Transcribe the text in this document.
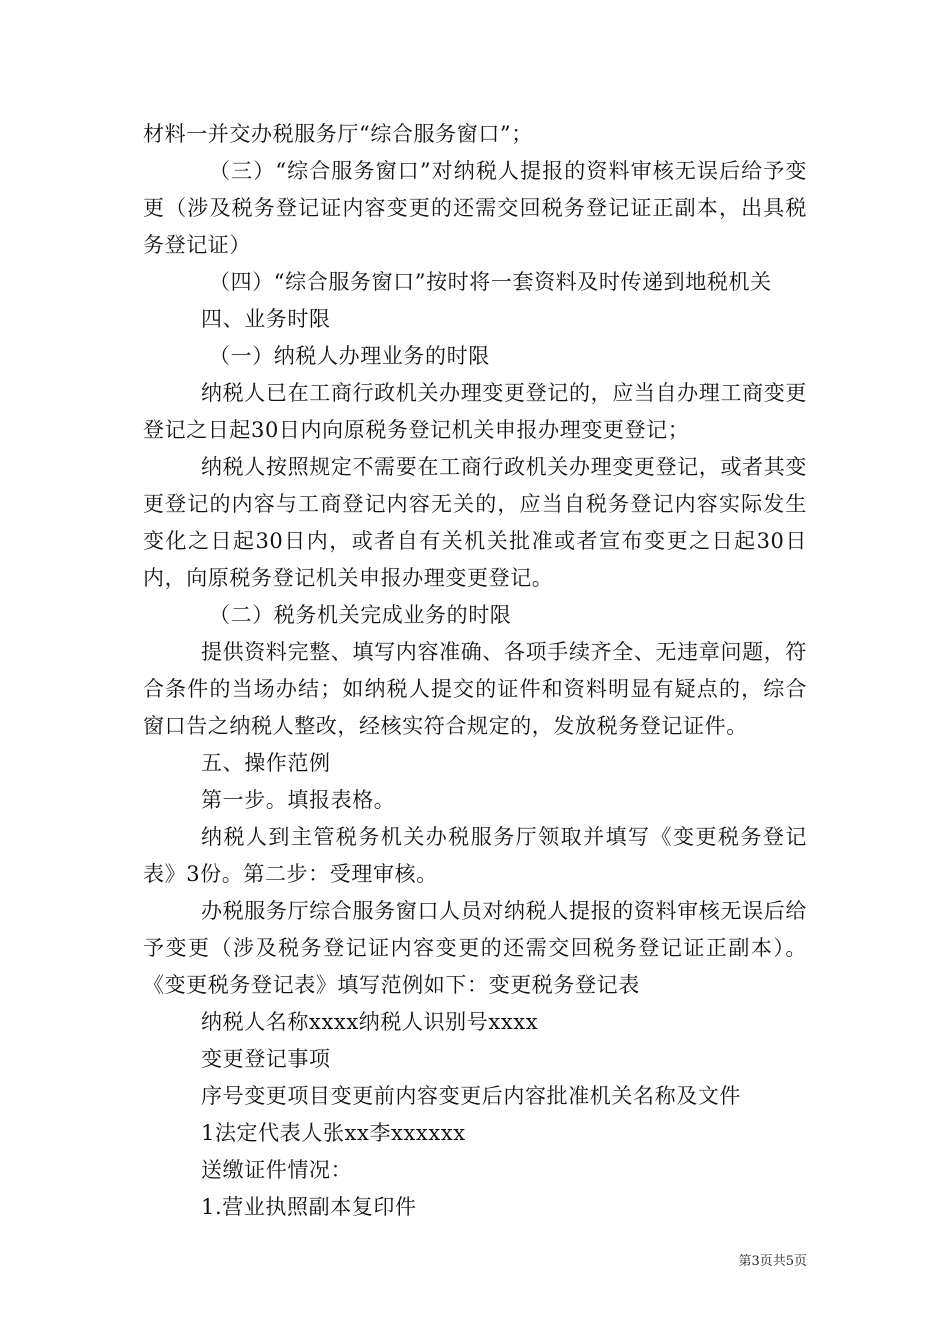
材料一并交办税服务厅“综合服务窗口”；

（三）“综合服务窗口”对纳税人提报的资料审核无误后给予变更（涉及税务登记证内容变更的还需交回税务登记证正副本，出具税务登记证）

（四）“综合服务窗口”按时将一套资料及时传递到地税机关

四、业务时限

（一）纳税人办理业务的时限

纳税人已在工商行政机关办理变更登记的，应当自办理工商变更登记之日起30日内向原税务登记机关申报办理变更登记；

纳税人按照规定不需要在工商行政机关办理变更登记，或者其变更登记的内容与工商登记内容无关的，应当自税务登记内容实际发生变化之日起30日内，或者自有关机关批准或者宣布变更之日起30日内，向原税务登记机关申报办理变更登记。

（二）税务机关完成业务的时限

提供资料完整、填写内容准确、各项手续齐全、无违章问题，符合条件的当场办结；如纳税人提交的证件和资料明显有疑点的，综合窗口告之纳税人整改，经核实符合规定的，发放税务登记证件。

五、操作范例

第一步。填报表格。

纳税人到主管税务机关办税服务厅领取并填写《变更税务登记表》3份。第二步：受理审核。

办税服务厅综合服务窗口人员对纳税人提报的资料审核无误后给予变更（涉及税务登记证内容变更的还需交回税务登记证正副本）。《变更税务登记表》填写范例如下：变更税务登记表

纳税人名称xxxx纳税人识别号xxxx

变更登记事项

序号变更项目变更前内容变更后内容批准机关名称及文件

1法定代表人张xx李xxxxxx

送缴证件情况：

1.营业执照副本复印件

第3页共5页
